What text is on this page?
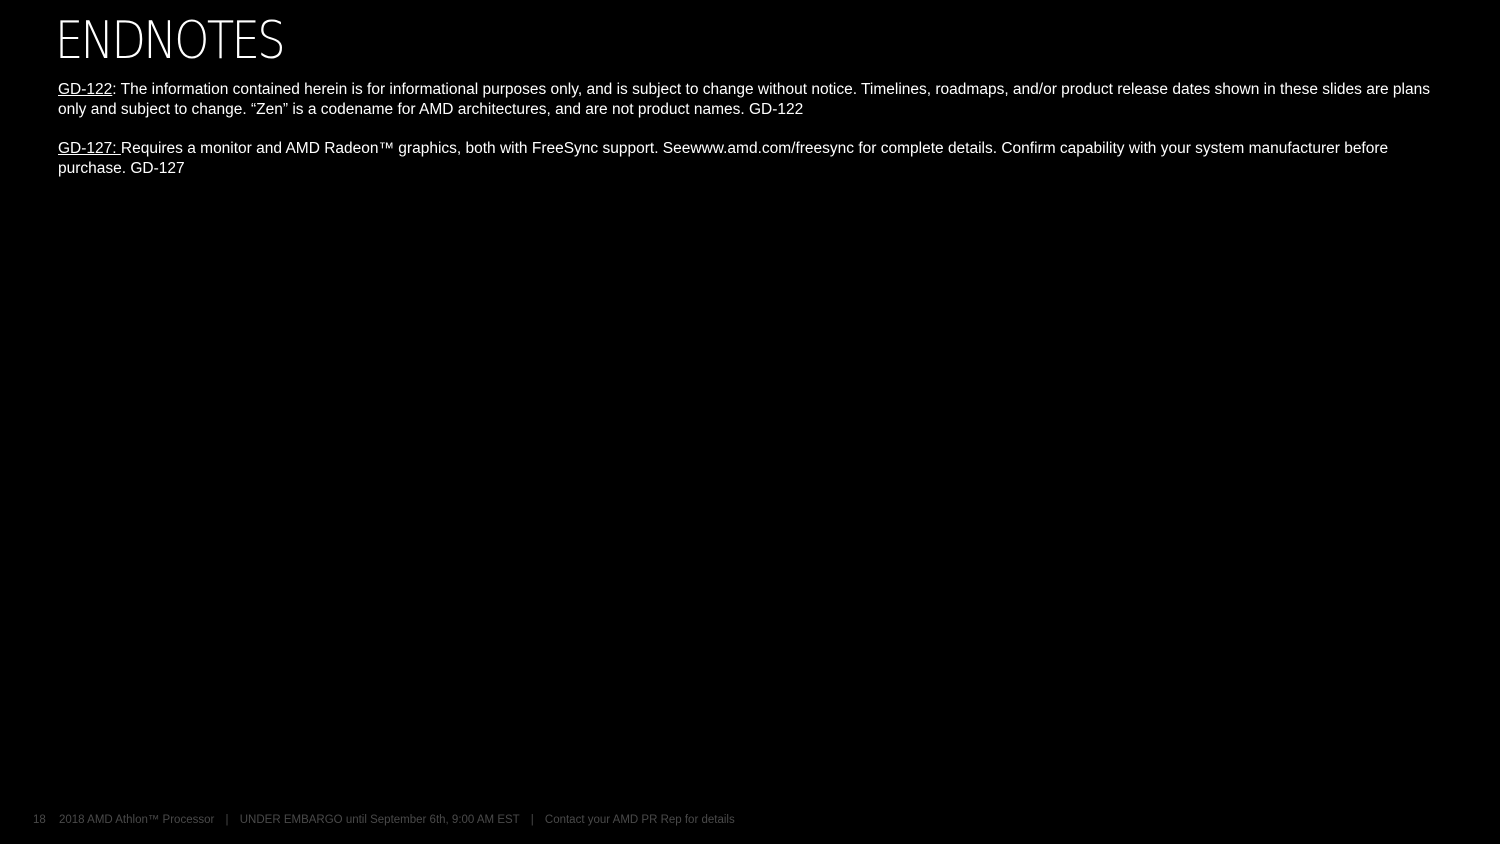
ENDNOTES

GD-122: The information contained herein is for informational purposes only, and is subject to change without notice. Timelines, roadmaps, and/or product release dates shown in these slides are plans only and subject to change. “Zen” is a codename for AMD architectures, and are not product names. GD-122

GD-127: Requires a monitor and AMD Radeon™ graphics, both with FreeSync support. Seewww.amd.com/freesync for complete details. Confirm capability with your system manufacturer before purchase. GD-127

18 2018 AMD Athlon™ Processor | UNDER EMBARGO until September 6th, 9:00 AM EST | Contact your AMD PR Rep for details
